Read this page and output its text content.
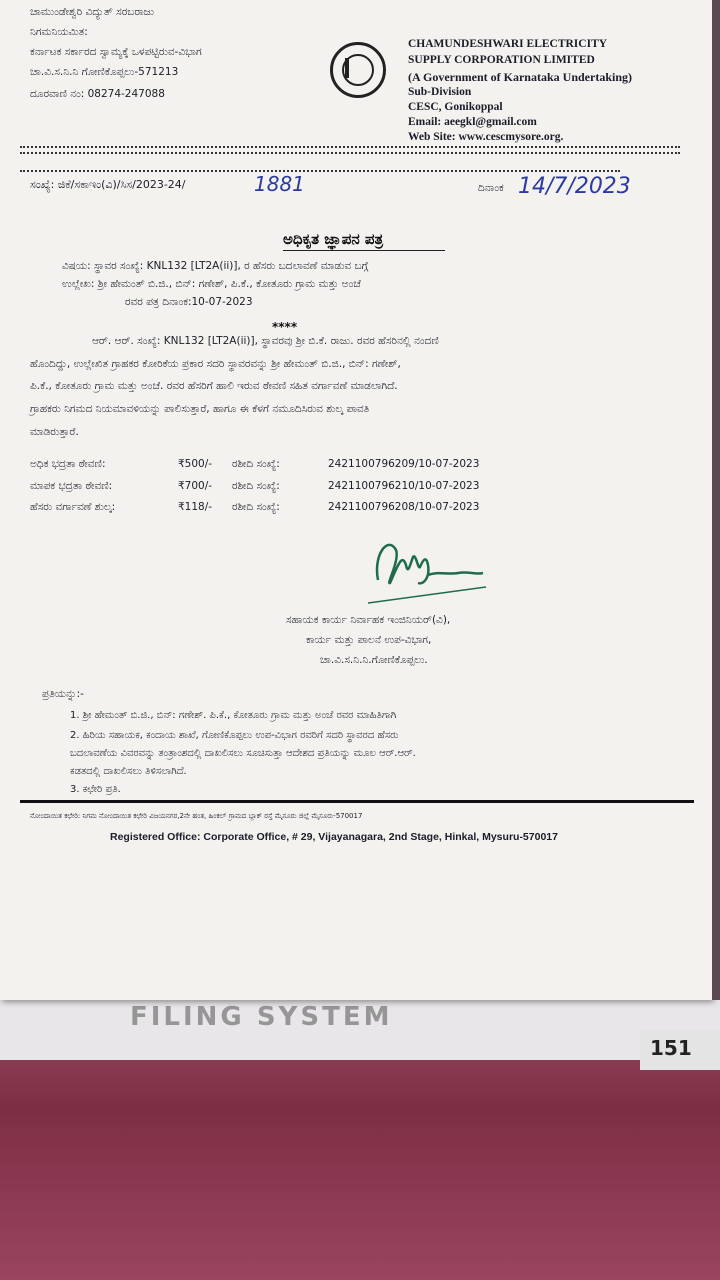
FILING SYSTEM
151
ಚಾಮುಂಡೇಶ್ವರಿ ವಿದ್ಯುತ್ ಸರಬರಾಜು
ನಿಗಮನಿಯಮಿತ:
ಕರ್ನಾಟಕ ಸರ್ಕಾರದ ಸ್ವಾಮ್ಯಕ್ಕೆ ಒಳಪಟ್ಟಿರುವ-ವಿಭಾಗ
ಚಾ.ವಿ.ಸ.ನಿ.ನಿ ಗೋಣಿಕೊಪ್ಪಲು-571213
ದೂರವಾಣಿ ನಂ: 08274-247088
CHAMUNDESHWARI ELECTRICITY
SUPPLY CORPORATION LIMITED
(A Government of Karnataka Undertaking)
Sub-Division
CESC, Gonikoppal
Email: aeegkl@gmail.com
Web Site: www.cescmysore.org.
ಸಂಖ್ಯೆ: ಜಿಕೆ/ಸಕಾಇಂ(ವಿ)/ಸಿಸ/2023-24/	1881	ದಿನಾಂಕ 14/7/2023
ಅಧಿಕೃತ ಜ್ಞಾಪನ ಪತ್ರ
ವಿಷಯ: ಸ್ಥಾವರ ಸಂಖ್ಯೆ: KNL132 [LT2A(ii)], ರ ಹೆಸರು ಬದಲಾವಣೆ ಮಾಡುವ ಬಗ್ಗೆ
ಉಲ್ಲೇಖ: ಶ್ರೀ ಹೇಮಂತ್ ಬಿ.ಜಿ., ಬಿನ್: ಗಣೇಶ್, ಪಿ.ಕೆ., ಕೋತೂರು ಗ್ರಾಮ ಮತ್ತು ಅಂಚೆ
ರವರ ಪತ್ರ ದಿನಾಂಕ:10-07-2023
****
ಆರ್. ಆರ್. ಸಂಖ್ಯೆ: KNL132 [LT2A(ii)], ಸ್ಥಾವರವು ಶ್ರೀ ಬಿ.ಕೆ. ರಾಜು. ರವರ ಹೆಸರಿನಲ್ಲಿ ನಂದಣಿ
ಹೊಂದಿದ್ದು, ಉಲ್ಲೇಖಿತ ಗ್ರಾಹಕರ ಕೋರಿಕೆಯ ಪ್ರಕಾರ ಸದರಿ ಸ್ಥಾವರವನ್ನು ಶ್ರೀ ಹೇಮಂತ್ ಬಿ.ಜಿ., ಬಿನ್: ಗಣೇಶ್,
ಪಿ.ಕೆ., ಕೋತೂರು ಗ್ರಾಮ ಮತ್ತು ಅಂಚೆ. ರವರ ಹೆಸರಿಗೆ ಹಾಲಿ ಇರುವ ಠೇವಣಿ ಸಹಿತ ವರ್ಗಾವಣೆ ಮಾಡಲಾಗಿದೆ.
ಗ್ರಾಹಕರು ನಿಗಮದ ನಿಯಮಾವಳಿಯನ್ನು ಪಾಲಿಸುತ್ತಾರೆ, ಹಾಗೂ ಈ ಕೆಳಗೆ ನಮೂದಿಸಿರುವ ಶುಲ್ಕ ಪಾವತಿ
ಮಾಡಿರುತ್ತಾರೆ.
ಅಧಿಕ ಭದ್ರತಾ ಠೇವಣಿ:	₹500/- ರಶೀದಿ ಸಂಖ್ಯೆ:	242110079620​9/10-07-2023
ಮಾಪಕ ಭದ್ರತಾ ಠೇವಣಿ:	₹700/- ರಶೀದಿ ಸಂಖ್ಯೆ:	242110079621​0/10-07-2023
ಹೆಸರು ವರ್ಗಾವಣೆ ಶುಲ್ಕ:	₹118/- ರಶೀದಿ ಸಂಖ್ಯೆ:	242110079620​8/10-07-2023
ಸಹಾಯಕ ಕಾರ್ಯ ನಿರ್ವಾಹಕ ಇಂಜಿನಿಯರ್(ವಿ),
ಕಾರ್ಯ ಮತ್ತು ಪಾಲನೆ ಉಪ-ವಿಭಾಗ,
ಚಾ.ವಿ.ಸ.ನಿ.ನಿ.ಗೋಣಿಕೊಪ್ಪಲು.
ಪ್ರತಿಯನ್ನು:-
1. ಶ್ರೀ ಹೇಮಂತ್ ಬಿ.ಜಿ., ಬಿನ್: ಗಣೇಶ್. ಪಿ.ಕೆ., ಕೋತೂರು ಗ್ರಾಮ ಮತ್ತು ಅಂಚೆ ರವರ ಮಾಹಿತಿಗಾಗಿ
2. ಹಿರಿಯ ಸಹಾಯಕ, ಕಂದಾಯ ಶಾಖೆ, ಗೋಣಿಕೊಪ್ಪಲು ಉಪ-ವಿಭಾಗ ರವರಿಗೆ ಸದರಿ ಸ್ಥಾವರದ ಹೆಸರು
ಬದಲಾವಣೆಯ ವಿವರವನ್ನು ತಂತ್ರಾಂಶದಲ್ಲಿ ದಾಖಲಿಸಲು ಸೂಚಿಸುತ್ತಾ ಆದೇಶದ ಪ್ರತಿಯನ್ನು ಮೂಲ ಆರ್.ಆರ್.
ಕಡತದಲ್ಲಿ ದಾಖಲಿಸಲು ತಿಳಿಸಲಾಗಿದೆ.
3. ಕಛೇರಿ ಪ್ರತಿ.
ನೋಂದಾಯಿತ ಕಛೇರಿ: ನಿಗಮ ನೋಂದಾಯಿತ ಕಛೇರಿ ವಿಜಯನಗರ,2ನೇ ಹಂತ, ಹಿಂಕಲ್ ಗ್ರಾಮದ ಬ್ಲಾಕ್ ರಸ್ತೆ ಮೈಸೂರು ಜಿಲ್ಲೆ ಮೈಸೂರು-570017
Registered Office: Corporate Office, # 29, Vijayanagara, 2nd Stage, Hinkal, Mysuru-570017
